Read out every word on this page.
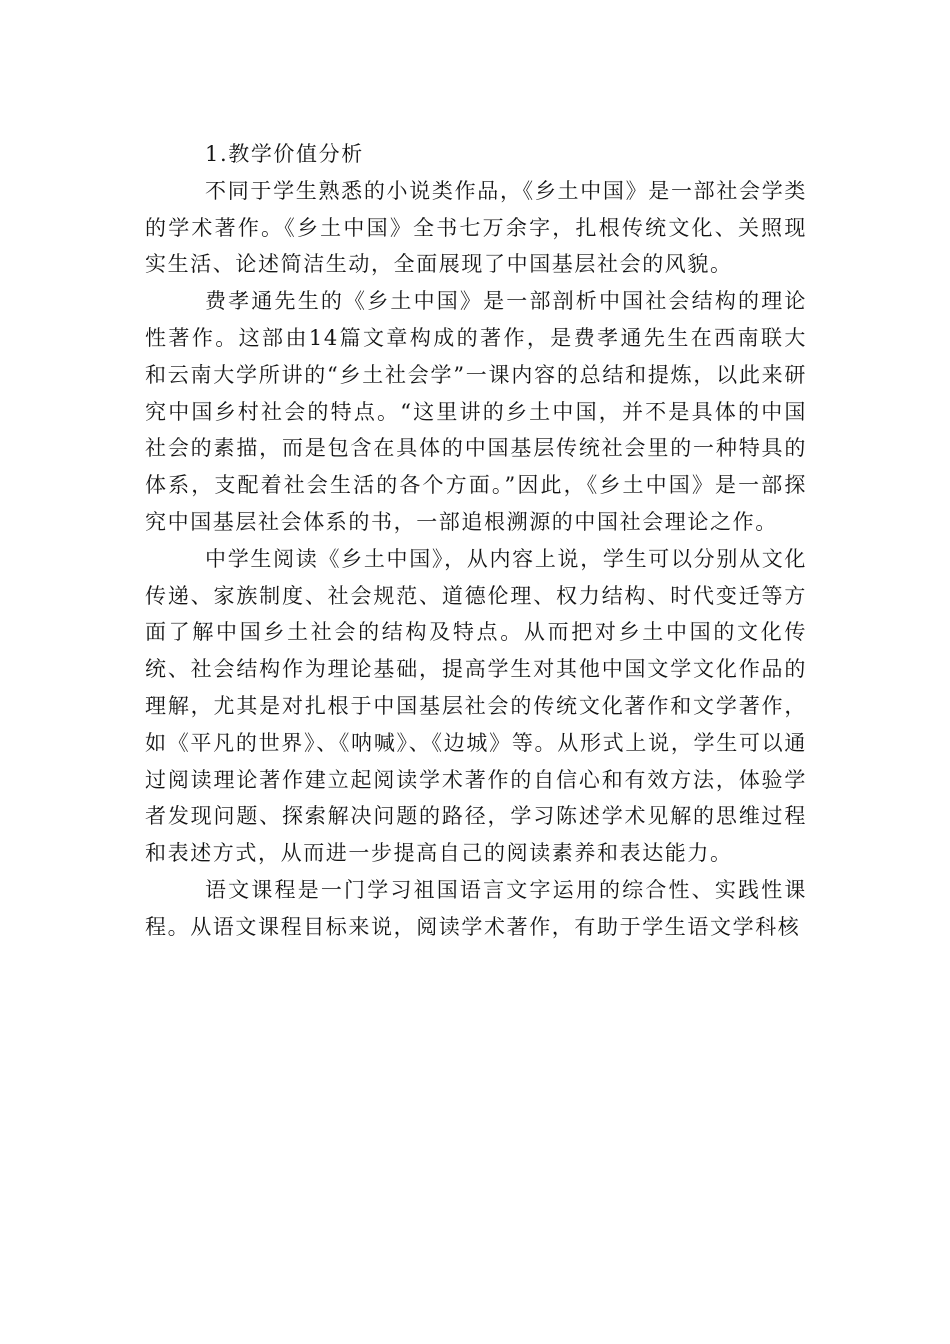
1.教学价值分析

不同于学生熟悉的小说类作品，《乡土中国》是一部社会学类的学术著作。《乡土中国》全书七万余字，扎根传统文化、关照现实生活、论述简洁生动，全面展现了中国基层社会的风貌。

费孝通先生的《乡土中国》是一部剖析中国社会结构的理论性著作。这部由14篇文章构成的著作，是费孝通先生在西南联大和云南大学所讲的“乡土社会学”一课内容的总结和提炼，以此来研究中国乡村社会的特点。“这里讲的乡土中国，并不是具体的中国社会的素描，而是包含在具体的中国基层传统社会里的一种特具的体系，支配着社会生活的各个方面。”因此，《乡土中国》是一部探究中国基层社会体系的书，一部追根溯源的中国社会理论之作。

中学生阅读《乡土中国》，从内容上说，学生可以分别从文化传递、家族制度、社会规范、道德伦理、权力结构、时代变迁等方面了解中国乡土社会的结构及特点。从而把对乡土中国的文化传统、社会结构作为理论基础，提高学生对其他中国文学文化作品的理解，尤其是对扎根于中国基层社会的传统文化著作和文学著作，如《平凡的世界》、《呐喊》、《边城》等。从形式上说，学生可以通过阅读理论著作建立起阅读学术著作的自信心和有效方法，体验学者发现问题、探索解决问题的路径，学习陈述学术见解的思维过程和表述方式，从而进一步提高自己的阅读素养和表达能力。

语文课程是一门学习祖国语言文字运用的综合性、实践性课程。从语文课程目标来说，阅读学术著作，有助于学生语文学科核
